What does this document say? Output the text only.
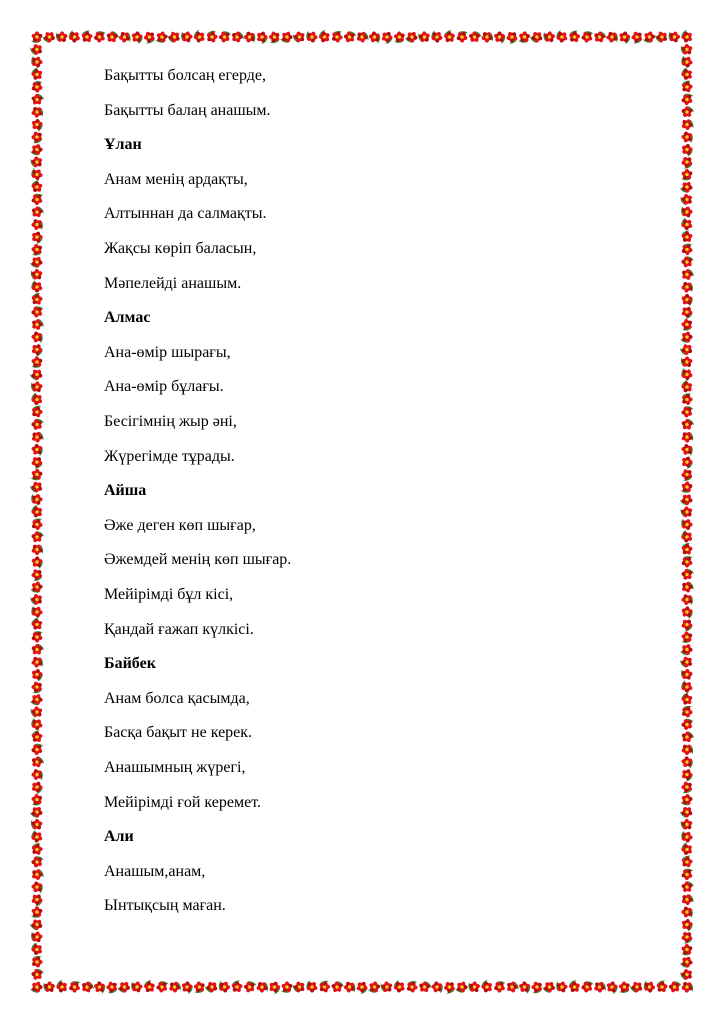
Бақытты болсаң егерде,
Бақытты балаң анашым.
Ұлан
Анам менің ардақты,
Алтыннан да салмақты.
Жақсы көріп баласын,
Мәпелейді анашым.
Алмас
Ана-өмір шырағы,
Ана-өмір бұлағы.
Бесігімнің жыр әні,
Жүрегімде тұрады.
Айша
Әже деген көп шығар,
Әжемдей менің көп шығар.
Мейірімді бұл кісі,
Қандай ғажап күлкісі.
Байбек
Анам болса қасымда,
Басқа бақыт не керек.
Анашымның жүрегі,
Мейірімді ғой керемет.
Али
Анашым,анам,
Ынтықсың маған.
